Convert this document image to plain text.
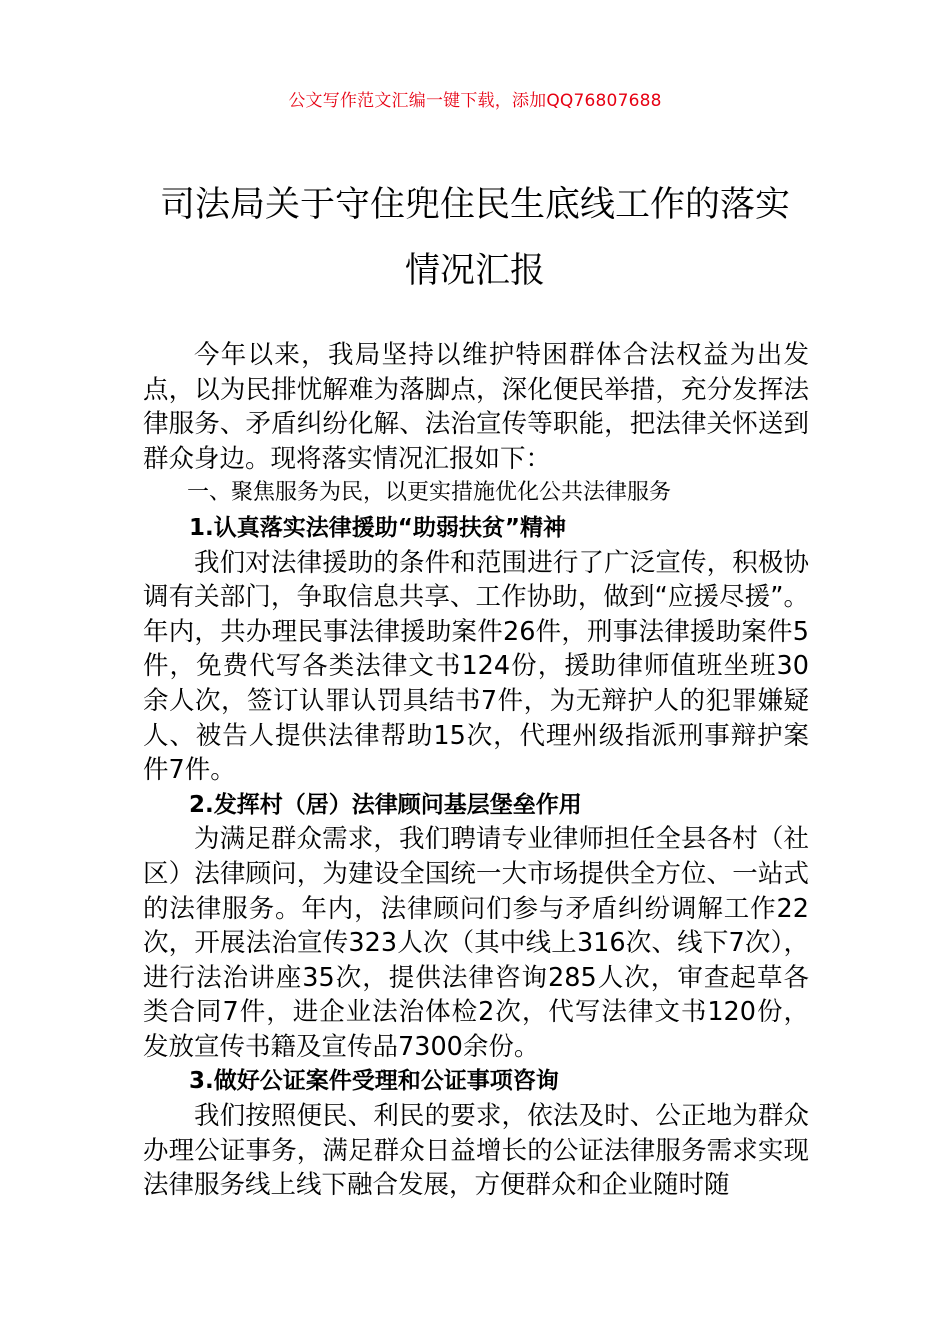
公文写作范文汇编一键下载，添加QQ76807688
司法局关于守住兜住民生底线工作的落实
情况汇报

今年以来，我局坚持以维护特困群体合法权益为出发点，以为民排忧解难为落脚点，深化便民举措，充分发挥法律服务、矛盾纠纷化解、法治宣传等职能，把法律关怀送到群众身边。现将落实情况汇报如下：

一、聚焦服务为民，以更实措施优化公共法律服务

1.认真落实法律援助“助弱扶贫”精神

我们对法律援助的条件和范围进行了广泛宣传，积极协调有关部门，争取信息共享、工作协助，做到“应援尽援”。年内，共办理民事法律援助案件26件，刑事法律援助案件5件，免费代写各类法律文书124份，援助律师值班坐班30余人次，签订认罪认罚具结书7件，为无辩护人的犯罪嫌疑人、被告人提供法律帮助15次，代理州级指派刑事辩护案件7件。

2.发挥村（居）法律顾问基层堡垒作用

为满足群众需求，我们聘请专业律师担任全县各村（社区）法律顾问，为建设全国统一大市场提供全方位、一站式的法律服务。年内，法律顾问们参与矛盾纠纷调解工作22次，开展法治宣传323人次（其中线上316次、线下7次），进行法治讲座35次，提供法律咨询285人次，审查起草各类合同7件，进企业法治体检2次，代写法律文书120份，发放宣传书籍及宣传品7300余份。

3.做好公证案件受理和公证事项咨询

我们按照便民、利民的要求，依法及时、公正地为群众办理公证事务，满足群众日益增长的公证法律服务需求实现法律服务线上线下融合发展，方便群众和企业随时随
